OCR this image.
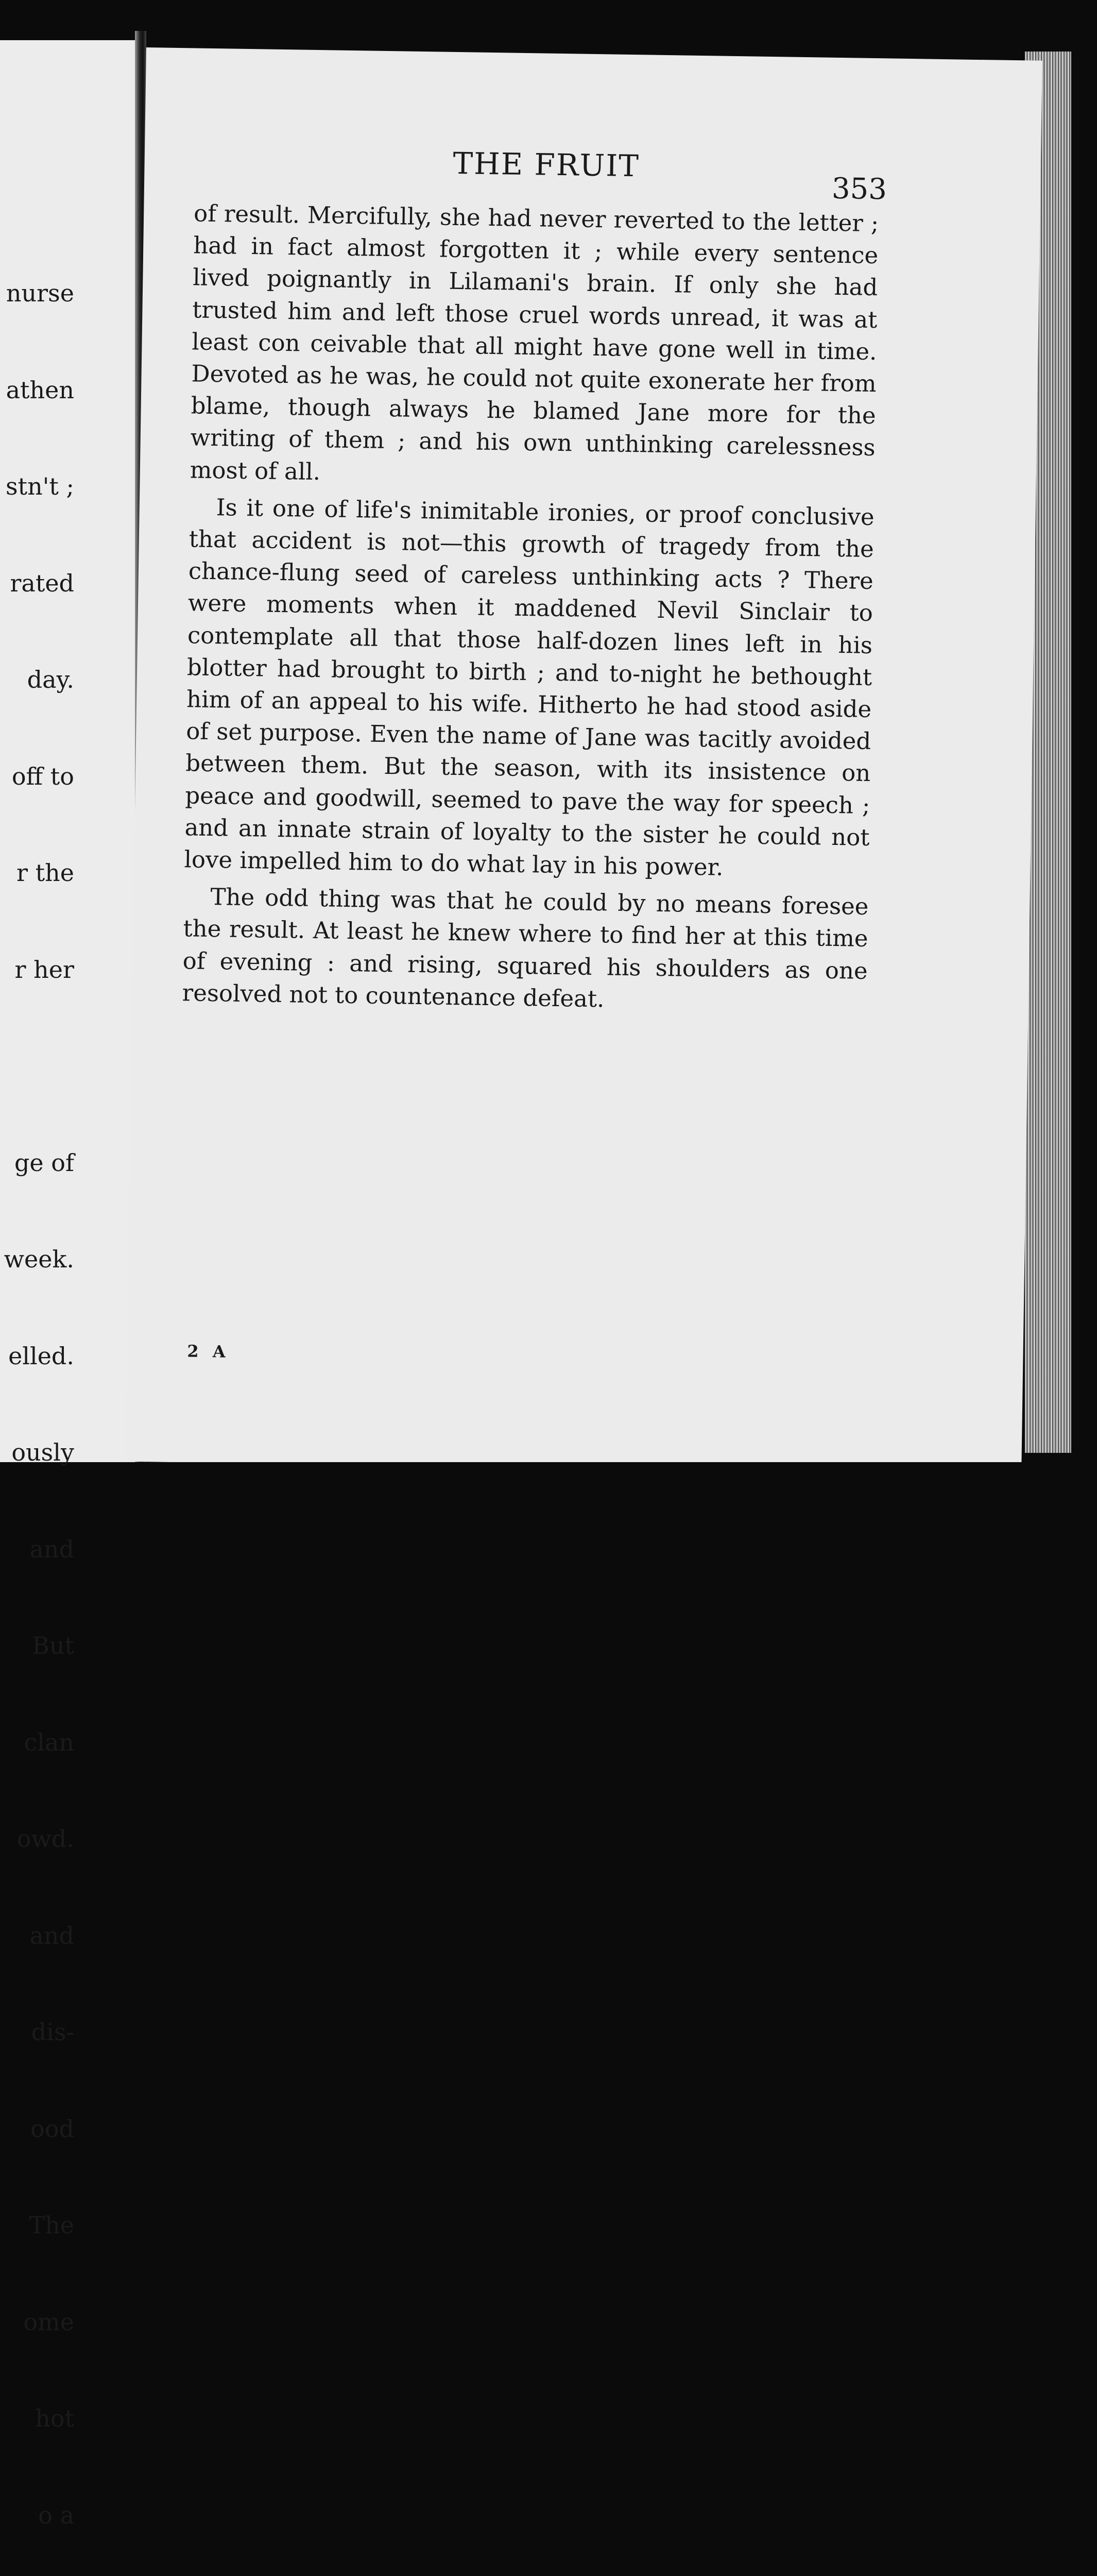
nurse

athen

stn't ;

rated

day.

off to

r the

r her

ge of

week.

elled.

ously

and

But

clan

owd.

and

dis-

ood

The

ome

hot

o a

THE FRUIT
353

of result. Mercifully, she had never reverted to the letter ; had in fact almost forgotten it ; while every sentence lived poignantly in Lilamani's brain. If only she had trusted him and left those cruel words unread, it was at least con ceivable that all might have gone well in time. Devoted as he was, he could not quite exonerate her from blame, though always he blamed Jane more for the writing of them ; and his own unthinking carelessness most of all.

Is it one of life's inimitable ironies, or proof conclusive that accident is not—this growth of tragedy from the chance-flung seed of careless unthinking acts ? There were moments when it maddened Nevil Sinclair to contemplate all that those half-dozen lines left in his blotter had brought to birth ; and to-night he bethought him of an appeal to his wife. Hitherto he had stood aside of set purpose. Even the name of Jane was tacitly avoided between them. But the season, with its insistence on peace and goodwill, seemed to pave the way for speech ; and an innate strain of loyalty to the sister he could not love impelled him to do what lay in his power.

The odd thing was that he could by no means foresee the result. At least he knew where to find her at this time of evening : and rising, squared his shoulders as one resolved not to countenance defeat.

2 A
